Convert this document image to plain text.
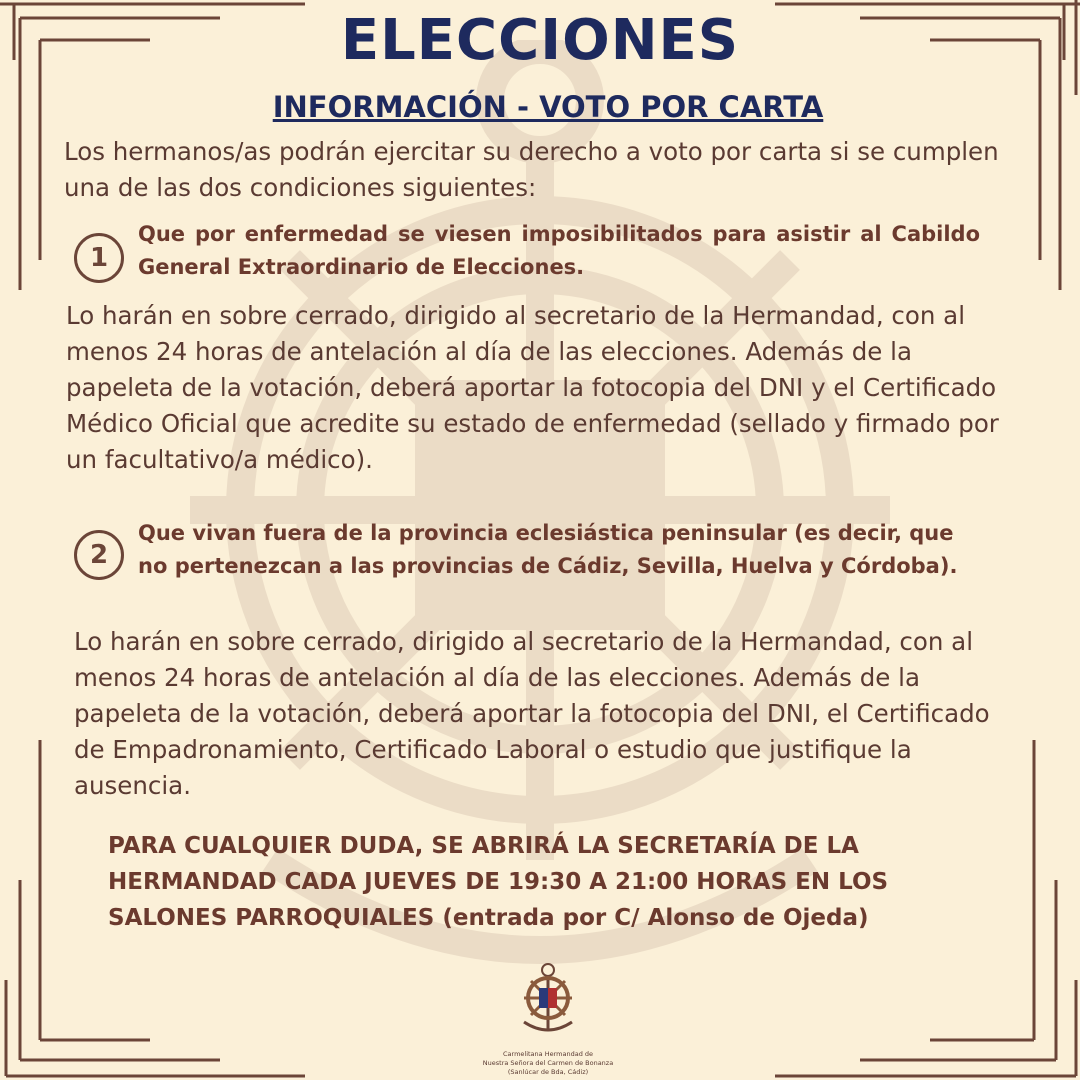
ELECCIONES
INFORMACIÓN - VOTO POR CARTA

Los hermanos/as podrán ejercitar su derecho a voto por carta si se cumplen una de las dos condiciones siguientes:

1

Que por enfermedad se viesen imposibilitados para asistir al Cabildo General Extraordinario de Elecciones.

Lo harán en sobre cerrado, dirigido al secretario de la Hermandad, con al menos 24 horas de antelación al día de las elecciones. Además de la papeleta de la votación, deberá aportar la fotocopia del DNI y el Certificado Médico Oficial que acredite su estado de enfermedad (sellado y firmado por un facultativo/a médico).

2

Que vivan fuera de la provincia eclesiástica peninsular (es decir, que no pertenezcan a las provincias de Cádiz, Sevilla, Huelva y Córdoba).

Lo harán en sobre cerrado, dirigido al secretario de la Hermandad, con al menos 24 horas de antelación al día de las elecciones. Además de la papeleta de la votación, deberá aportar la fotocopia del DNI, el Certificado de Empadronamiento, Certificado Laboral o estudio que justifique la ausencia.

PARA CUALQUIER DUDA, SE ABRIRÁ LA SECRETARÍA DE LA HERMANDAD CADA JUEVES DE 19:30 A 21:00 HORAS EN LOS SALONES PARROQUIALES (entrada por C/ Alonso de Ojeda)

Carmelitana Hermandad de
Nuestra Señora del Carmen de Bonanza
(Sanlúcar de Bda, Cádiz)
